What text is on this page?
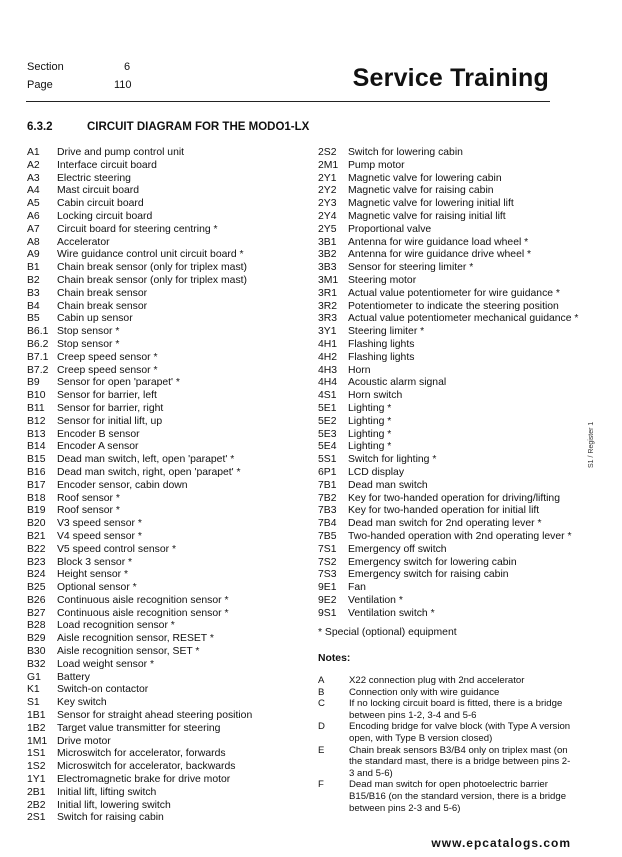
Section	6
Page	110	Service Training
6.3.2	CIRCUIT DIAGRAM FOR THE MODO1-LX
A1 Drive and pump control unit
A2 Interface circuit board
A3 Electric steering
A4 Mast circuit board
A5 Cabin circuit board
A6 Locking circuit board
A7 Circuit board for steering centring *
A8 Accelerator
A9 Wire guidance control unit circuit board *
B1 Chain break sensor (only for triplex mast)
B2 Chain break sensor (only for triplex mast)
B3 Chain break sensor
B4 Chain break sensor
B5 Cabin up sensor
B6.1 Stop sensor *
B6.2 Stop sensor *
B7.1 Creep speed sensor *
B7.2 Creep speed sensor *
B9 Sensor for open 'parapet' *
B10 Sensor for barrier, left
B11 Sensor for barrier, right
B12 Sensor for initial lift, up
B13 Encoder B sensor
B14 Encoder A sensor
B15 Dead man switch, left, open 'parapet' *
B16 Dead man switch, right, open 'parapet' *
B17 Encoder sensor, cabin down
B18 Roof sensor *
B19 Roof sensor *
B20 V3 speed sensor *
B21 V4 speed sensor *
B22 V5 speed control sensor *
B23 Block 3 sensor *
B24 Height sensor *
B25 Optional sensor *
B26 Continuous aisle recognition sensor *
B27 Continuous aisle recognition sensor *
B28 Load recognition sensor *
B29 Aisle recognition sensor, RESET *
B30 Aisle recognition sensor, SET *
B32 Load weight sensor *
G1 Battery
K1 Switch-on contactor
S1 Key switch
1B1 Sensor for straight ahead steering position
1B2 Target value transmitter for steering
1M1 Drive motor
1S1 Microswitch for accelerator, forwards
1S2 Microswitch for accelerator, backwards
1Y1 Electromagnetic brake for drive motor
2B1 Initial lift, lifting switch
2B2 Initial lift, lowering switch
2S1 Switch for raising cabin
2S2 Switch for lowering cabin
2M1 Pump motor
2Y1 Magnetic valve for lowering cabin
2Y2 Magnetic valve for raising cabin
2Y3 Magnetic valve for lowering initial lift
2Y4 Magnetic valve for raising initial lift
2Y5 Proportional valve
3B1 Antenna for wire guidance load wheel *
3B2 Antenna for wire guidance drive wheel *
3B3 Sensor for steering limiter *
3M1 Steering motor
3R1 Actual value potentiometer for wire guidance *
3R2 Potentiometer to indicate the steering position
3R3 Actual value potentiometer mechanical guidance *
3Y1 Steering limiter *
4H1 Flashing lights
4H2 Flashing lights
4H3 Horn
4H4 Acoustic alarm signal
4S1 Horn switch
5E1 Lighting *
5E2 Lighting *
5E3 Lighting *
5E4 Lighting *
5S1 Switch for lighting *
6P1 LCD display
7B1 Dead man switch
7B2 Key for two-handed operation for driving/lifting
7B3 Key for two-handed operation for initial lift
7B4 Dead man switch for 2nd operating lever *
7B5 Two-handed operation with 2nd operating lever *
7S1 Emergency off switch
7S2 Emergency switch for lowering cabin
7S3 Emergency switch for raising cabin
9E1 Fan
9E2 Ventilation *
9S1 Ventilation switch *
* Special (optional) equipment
Notes:
A	X22 connection plug with 2nd accelerator
B	Connection only with wire guidance
C	If no locking circuit board is fitted, there is a bridge between pins 1-2, 3-4 and 5-6
D	Encoding bridge for valve block (with Type A version open, with Type B version closed)
E	Chain break sensors B3/B4 only on triplex mast (on the standard mast, there is a bridge between pins 2-3 and 5-6)
F	Dead man switch for open photoelectric barrier B15/B16 (on the standard version, there is a bridge between pins 2-3 and 5-6)
S1 / Register 1
www.epcatalogs.com
